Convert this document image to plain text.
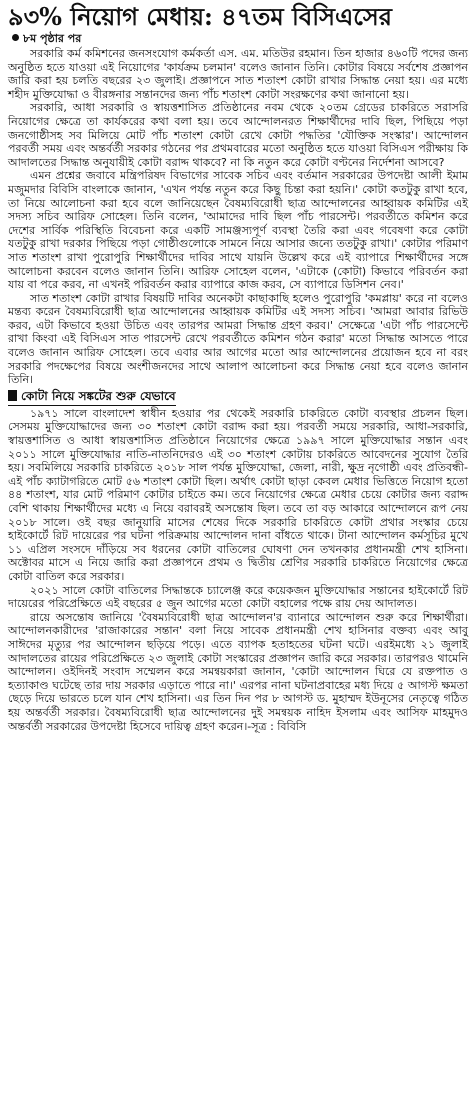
৯৩% নিয়োগ মেধায়: ৪৭তম বিসিএসের
৮ম পৃষ্ঠার পর

সরকারি কর্ম কমিশনের জনসংযোগ কর্মকর্তা এস. এম. মতিউর রহমান। তিন হাজার ৪৬০টি পদের জন্য অনুষ্ঠিত হতে যাওয়া এই নিয়োগের 'কার্যক্রম চলমান' বলেও জানান তিনি। কোটার বিষয়ে সর্বশেষ প্রজ্ঞাপন জারি করা হয় চলতি বছরের ২৩ জুলাই। প্রজ্ঞাপনে সাত শতাংশ কোটা রাখার সিদ্ধান্ত নেয়া হয়। এর মধ্যে শহীদ মুক্তিযোদ্ধা ও বীরঙ্গনার সন্তানদের জন্য পাঁচ শতাংশ কোটা সংরক্ষণের কথা জানানো হয়।

সরকারি, আধা সরকারি ও স্বায়ত্তশাসিত প্রতিষ্ঠানের নবম থেকে ২০তম গ্রেডের চাকরিতে সরাসরি নিয়োগের ক্ষেত্রে তা কার্যকরের কথা বলা হয়। তবে আন্দোলনরত শিক্ষার্থীদের দাবি ছিল, পিছিয়ে পড়া জনগোষ্ঠীসহ সব মিলিয়ে মোট পাঁচ শতাংশ কোটা রেখে কোটা পদ্ধতির 'যৌক্তিক সংস্কার'। আন্দোলন পরবর্তী সময় এবং অন্তর্বর্তী সরকার গঠনের পর প্রথমবারের মতো অনুষ্ঠিত হতে যাওয়া বিসিএস পরীক্ষায় কি আদালতের সিদ্ধান্ত অনুযায়ীই কোটা বরাদ্দ থাকবে? না কি নতুন করে কোটা বণ্টনের নির্দেশনা আসবে?

এমন প্রশ্নের জবাবে মন্ত্রিপরিষদ বিভাগের সাবেক সচিব এবং বর্তমান সরকারের উপদেষ্টা আলী ইমাম মজুমদার বিবিসি বাংলাকে জানান, 'এখন পর্যন্ত নতুন করে কিছু চিন্তা করা হয়নি।' কোটা কতটুকু রাখা হবে, তা নিয়ে আলোচনা করা হবে বলে জানিয়েছেন বৈষম্যবিরোধী ছাত্র আন্দোলনের আহ্বায়ক কমিটির এই সদস্য সচিব আরিফ সোহেল। তিনি বলেন, 'আমাদের দাবি ছিল পাঁচ পারসেন্ট। পরবর্তীতে কমিশন করে দেশের সার্বিক পরিস্থিতি বিবেচনা করে একটি সামঞ্জস্যপূর্ণ ব্যবস্থা তৈরি করা এবং গবেষণা করে কোটা যতটুকু রাখা দরকার পিছিয়ে পড়া গোষ্ঠীগুলোকে সামনে নিয়ে আসার জন্যে ততটুকু রাখা।' কোটার পরিমাণ সাত শতাংশ রাখা পুরোপুরি শিক্ষার্থীদের দাবির সাথে যায়নি উল্লেখ করে এই ব্যাপারে শিক্ষার্থীদের সঙ্গে আলোচনা করবেন বলেও জানান তিনি। আরিফ সোহেল বলেন, 'এটাকে (কোটা) কিভাবে পরিবর্তন করা যায় বা পরে করব, না এখনই পরিবর্তন করার ব্যাপারে কাজ করব, সে ব্যাপারে ডিসিশন নেব।'

সাত শতাংশ কোটা রাখার বিষয়টি দাবির অনেকটা কাছাকাছি হলেও পুরোপুরি 'কমপ্লায়' করে না বলেও মন্তব্য করেন বৈষম্যবিরোধী ছাত্র আন্দোলনের আহ্বায়ক কমিটির এই সদস্য সচিব। 'আমরা আবার রিভিউ করব, এটা কিভাবে হওয়া উচিত এবং তারপর আমরা সিদ্ধান্ত গ্রহণ করব।' সেক্ষেত্রে 'এটা পাঁচ পারসেন্টে রাখা কিংবা এই বিসিএস সাত পারসেন্ট রেখে পরবর্তীতে কমিশন গঠন করার' মতো সিদ্ধান্ত আসতে পারে বলেও জানান আরিফ সোহেল। তবে এবার আর আগের মতো আর আন্দোলনের প্রয়োজন হবে না বরং সরকারি পদক্ষেপের বিষয়ে অংশীজনদের সাথে আলাপ আলোচনা করে সিদ্ধান্ত নেয়া হবে বলেও জানান তিনি।

কোটা নিয়ে সঙ্কটের শুরু যেভাবে

১৯৭১ সালে বাংলাদেশ স্বাধীন হওয়ার পর থেকেই সরকারি চাকরিতে কোটা ব্যবস্থার প্রচলন ছিল। সেসময় মুক্তিযোদ্ধাদের জন্য ৩০ শতাংশ কোটা বরাদ্দ করা হয়। পরবর্তী সময়ে সরকারি, আধা-সরকারি, স্বায়ত্তশাসিত ও আধা স্বায়ত্তশাসিত প্রতিষ্ঠানে নিয়োগের ক্ষেত্রে ১৯৯৭ সালে মুক্তিযোদ্ধার সন্তান এবং ২০১১ সালে মুক্তিযোদ্ধার নাতি-নাতনিদেরও এই ৩০ শতাংশ কোটায় চাকরিতে আবেদনের সুযোগ তৈরি হয়। সবমিলিয়ে সরকারি চাকরিতে ২০১৮ সাল পর্যন্ত মুক্তিযোদ্ধা, জেলা, নারী, ক্ষুদ্র নৃগোষ্ঠী এবং প্রতিবন্ধী- এই পাঁচ ক্যাটাগরিতে মোট ৫৬ শতাংশ কোটা ছিল। অর্থাৎ কোটা ছাড়া কেবল মেধার ভিত্তিতে নিয়োগ হতো ৪৪ শতাংশ, যার মোট পরিমাণ কোটার চাইতে কম। তবে নিয়োগের ক্ষেত্রে মেধার চেয়ে কোটার জন্য বরাদ্দ বেশি থাকায় শিক্ষার্থীদের মধ্যে এ নিয়ে বরাবরই অসন্তোষ ছিল। তবে তা বড় আকারে আন্দোলনে রূপ নেয় ২০১৮ সালে। ওই বছর জানুয়ারি মাসের শেষের দিকে সরকারি চাকরিতে কোটা প্রথার সংস্কার চেয়ে হাইকোর্টে রিট দায়েরের পর ঘটনা পরিক্রমায় আন্দোলন দানা বাঁধতে থাকে। টানা আন্দোলন কর্মসূচির মুখে ১১ এপ্রিল সংসদে দাঁড়িয়ে সব ধরনের কোটা বাতিলের ঘোষণা দেন তখনকার প্রধানমন্ত্রী শেখ হাসিনা। অক্টোবর মাসে এ নিয়ে জারি করা প্রজ্ঞাপনে প্রথম ও দ্বিতীয় শ্রেণির সরকারি চাকরিতে নিয়োগের ক্ষেত্রে কোটা বাতিল করে সরকার।

২০২১ সালে কোটা বাতিলের সিদ্ধান্তকে চ্যালেঞ্জ করে কয়েকজন মুক্তিযোদ্ধার সন্তানের হাইকোর্টে রিট দায়েরের পরিপ্রেক্ষিতে এই বছরের ৫ জুন আগের মতো কোটা বহালের পক্ষে রায় দেয় আদালত।

রায়ে অসন্তোষ জানিয়ে 'বৈষম্যবিরোধী ছাত্র আন্দোলন'র ব্যানারে আন্দোলন শুরু করে শিক্ষার্থীরা। আন্দোলনকারীদের 'রাজাকারের সন্তান' বলা নিয়ে সাবেক প্রধানমন্ত্রী শেখ হাসিনার বক্তব্য এবং আবু সাঈদের মৃত্যুর পর আন্দোলন ছড়িয়ে পড়ে। এতে ব্যাপক হতাহতের ঘটনা ঘটে। এরইমধ্যে ২১ জুলাই আদালতের রায়ের পরিপ্রেক্ষিতে ২৩ জুলাই কোটা সংস্কারের প্রজ্ঞাপন জারি করে সরকার। তারপরও থামেনি আন্দোলন। ওইদিনই সংবাদ সম্মেলন করে সমন্বয়কারা জানান, 'কোটা আন্দোলন ঘিরে যে রক্তপাত ও হত্যাকাণ্ড ঘটেছে তার দায় সরকার এড়াতে পারে না।' এরপর নানা ঘটনাপ্রবাহের মধ্য দিয়ে ৫ আগস্ট ক্ষমতা ছেড়ে দিয়ে ভারতে চলে যান শেখ হাসিনা। এর তিন দিন পর ৮ আগস্ট ড. মুহাম্মদ ইউনূসের নেতৃত্বে গঠিত হয় অন্তর্বর্তী সরকার। বৈষম্যবিরোধী ছাত্র আন্দোলনের দুই সমন্বয়ক নাহিদ ইসলাম এবং আসিফ মাহমুদও অন্তর্বর্তী সরকারের উপদেষ্টা হিসেবে দায়িত্ব গ্রহণ করেন।-সূত্র : বিবিসি
